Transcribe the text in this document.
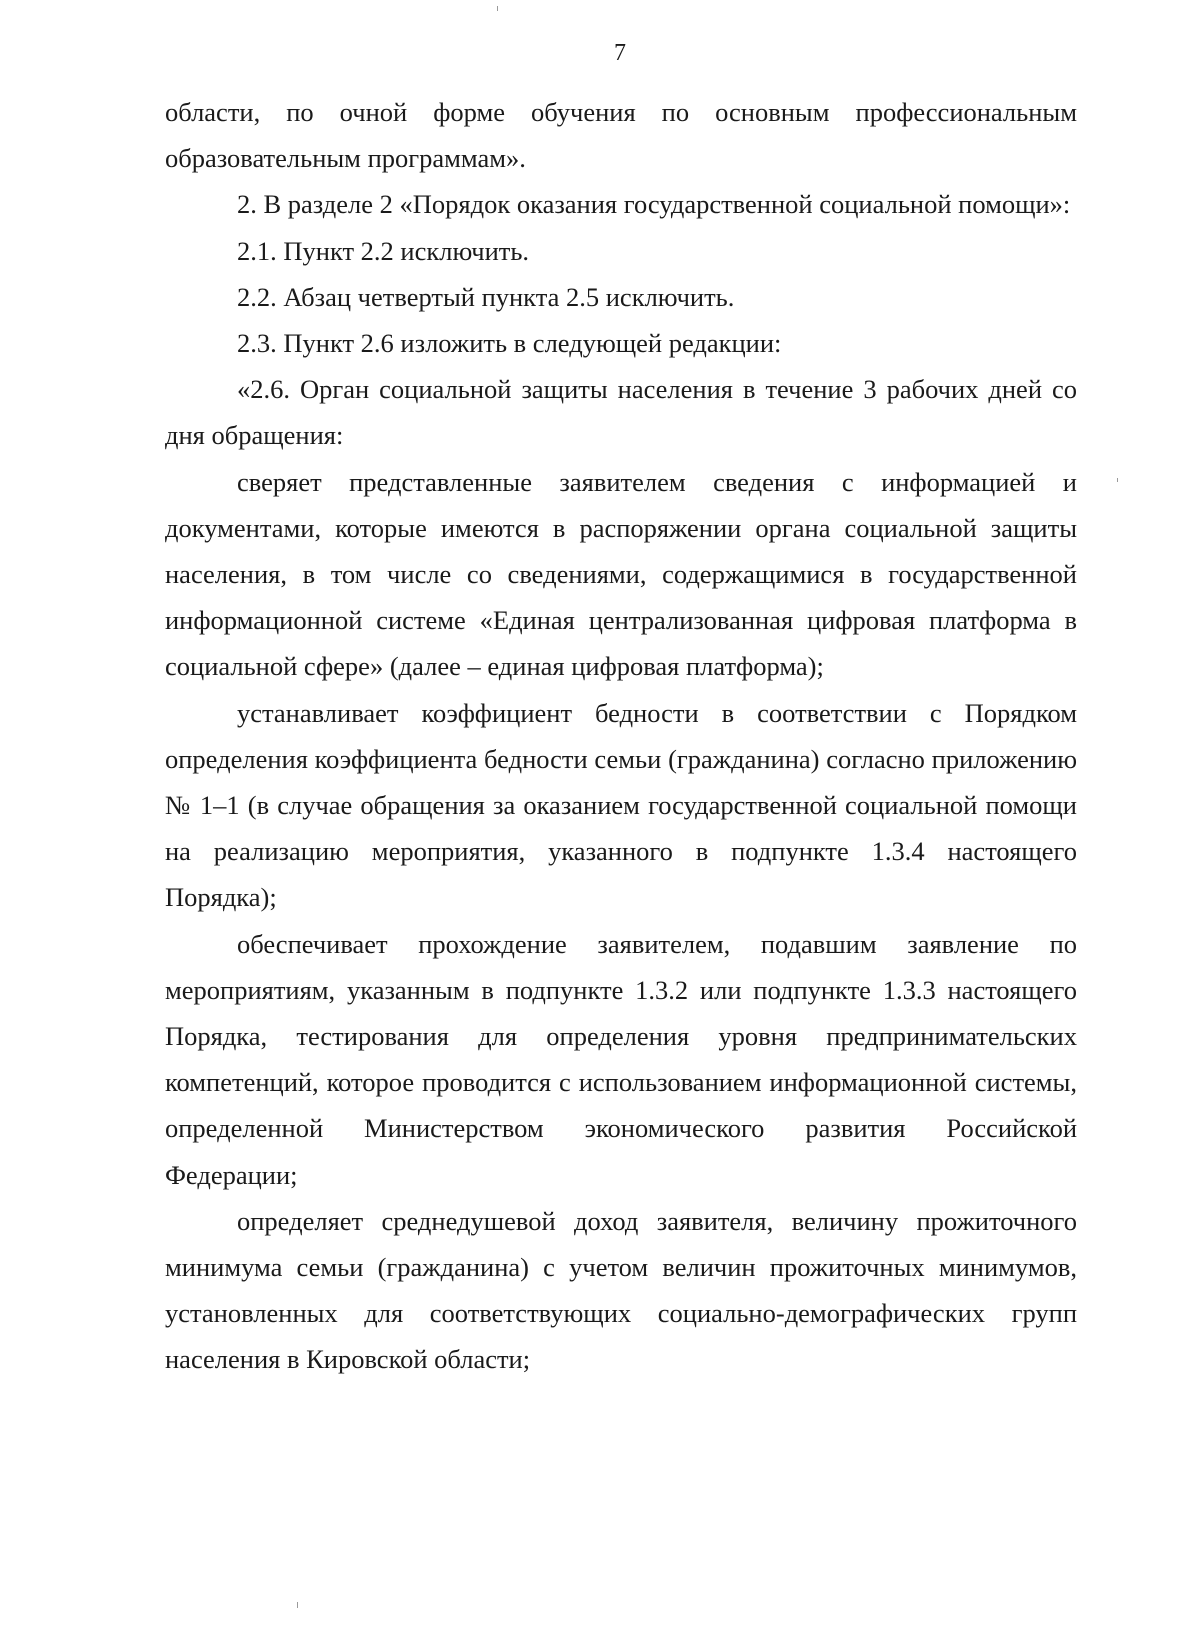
7

области, по очной форме обучения по основным профессиональным образовательным программам».

2. В разделе 2 «Порядок оказания государственной социальной помощи»:

2.1. Пункт 2.2 исключить.

2.2. Абзац четвертый пункта 2.5 исключить.

2.3. Пункт 2.6 изложить в следующей редакции:

«2.6. Орган социальной защиты населения в течение 3 рабочих дней со дня обращения:

сверяет представленные заявителем сведения с информацией и документами, которые имеются в распоряжении органа социальной защиты населения, в том числе со сведениями, содержащимися в государственной информационной системе «Единая централизованная цифровая платформа в социальной сфере» (далее – единая цифровая платформа);

устанавливает коэффициент бедности в соответствии с Порядком определения коэффициента бедности семьи (гражданина) согласно приложению № 1–1 (в случае обращения за оказанием государственной социальной помощи на реализацию мероприятия, указанного в подпункте 1.3.4 настоящего Порядка);

обеспечивает прохождение заявителем, подавшим заявление по мероприятиям, указанным в подпункте 1.3.2 или подпункте 1.3.3 настоящего Порядка, тестирования для определения уровня предпринимательских компетенций, которое проводится с использованием информационной системы, определенной Министерством экономического развития Российской Федерации;

определяет среднедушевой доход заявителя, величину прожиточного минимума семьи (гражданина) с учетом величин прожиточных минимумов, установленных для соответствующих социально-демографических групп населения в Кировской области;
